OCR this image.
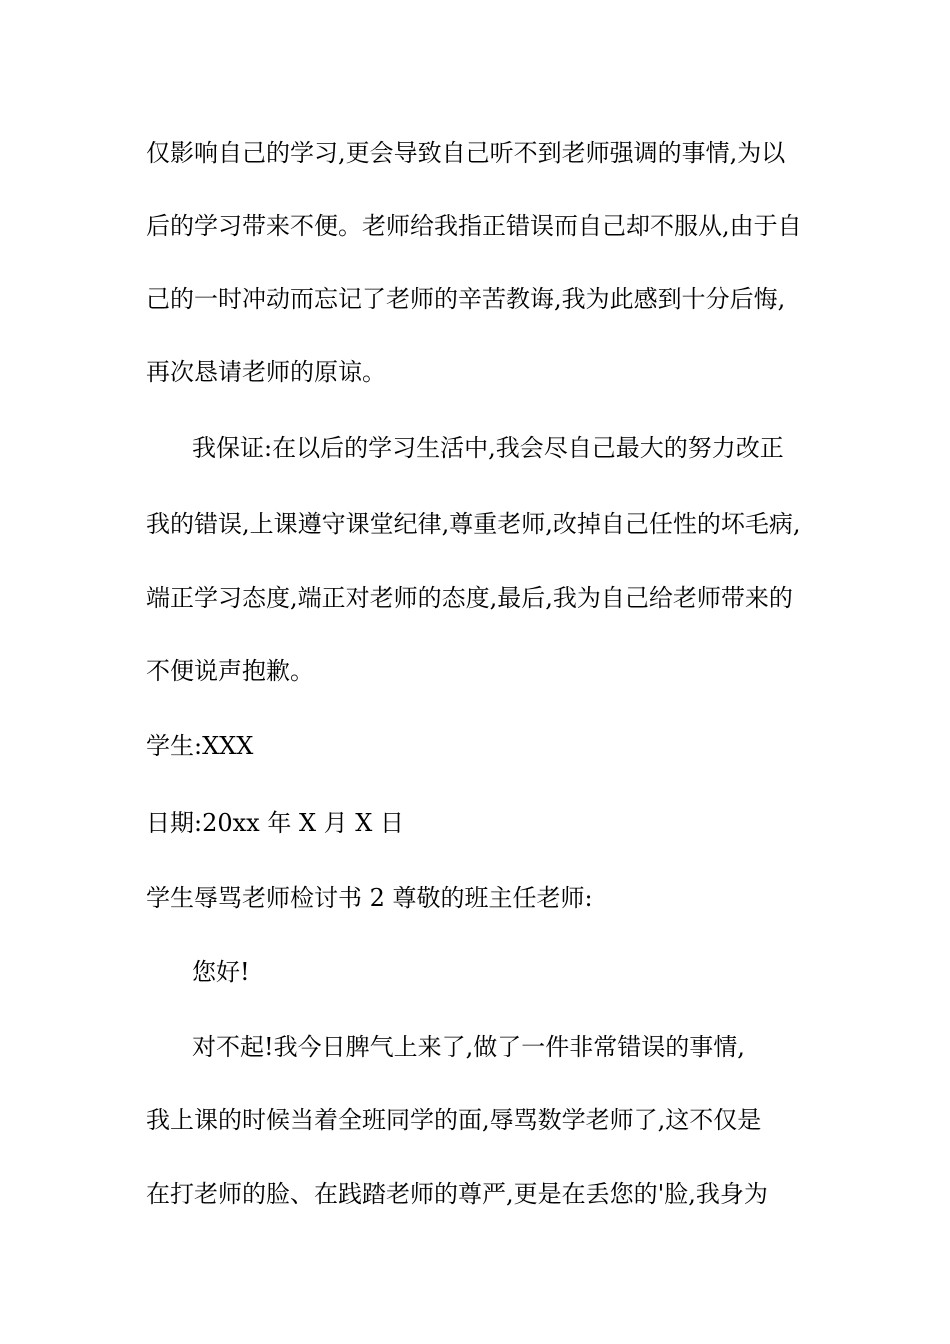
仅影响自己的学习,更会导致自己听不到老师强调的事情,为以
后的学习带来不便。老师给我指正错误而自己却不服从,由于自
己的一时冲动而忘记了老师的辛苦教诲,我为此感到十分后悔,
再次恳请老师的原谅。
我保证:在以后的学习生活中,我会尽自己最大的努力改正
我的错误,上课遵守课堂纪律,尊重老师,改掉自己任性的坏毛病,
端正学习态度,端正对老师的态度,最后,我为自己给老师带来的
不便说声抱歉。
学生:XXX
日期:20xx 年 X 月 X 日
学生辱骂老师检讨书 2 尊敬的班主任老师:
您好!
对不起!我今日脾气上来了,做了一件非常错误的事情,
我上课的时候当着全班同学的面,辱骂数学老师了,这不仅是
在打老师的脸、在践踏老师的尊严,更是在丢您的'脸,我身为
